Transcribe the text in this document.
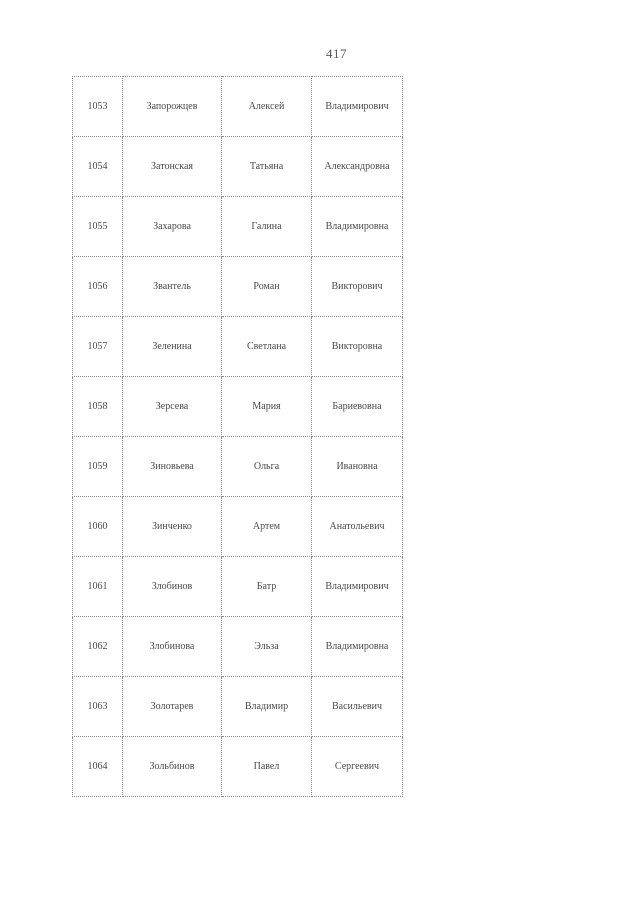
417
1053	Запорожцев	Алексей	Владимирович
1054	Затонская	Татьяна	Александровна
1055	Захарова	Галина	Владимировна
1056	Звантель	Роман	Викторович
1057	Зеленина	Светлана	Викторовна
1058	Зерсева	Мария	Бариевовна
1059	Зиновьева	Ольга	Ивановна
1060	Зинченко	Артем	Анатольевич
1061	Злобинов	Батр	Владимирович
1062	Злобинова	Эльза	Владимировна
1063	Золотарев	Владимир	Васильевич
1064	Зольбинов	Павел	Сергеевич
